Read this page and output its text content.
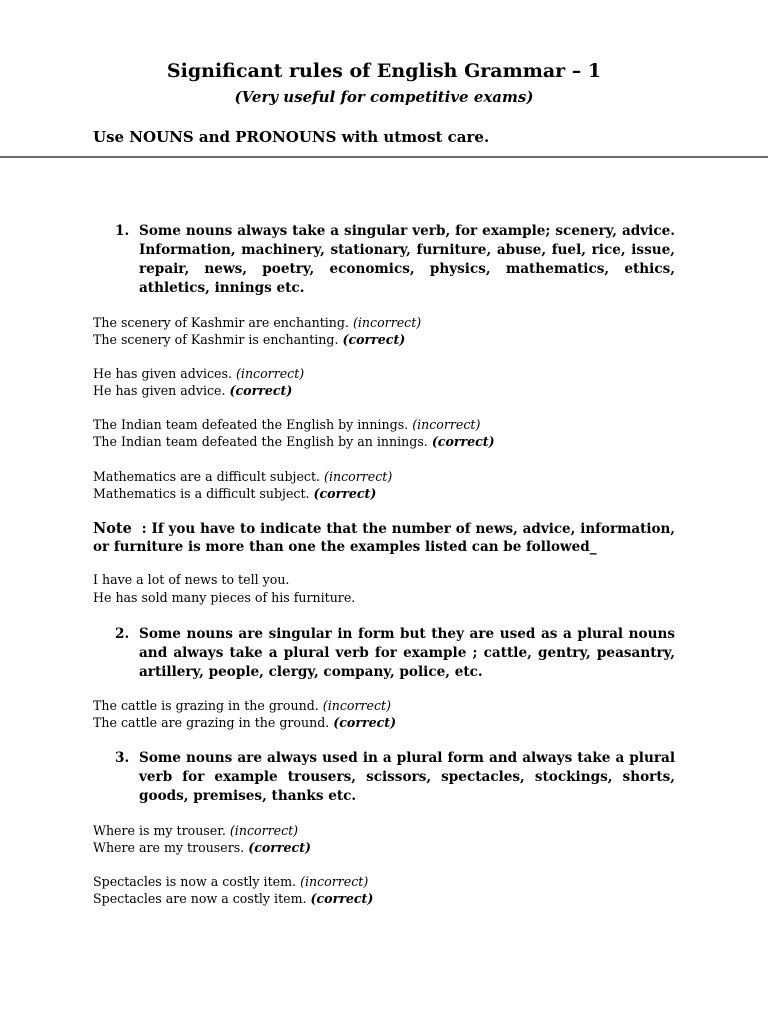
Significant rules of English Grammar – 1
(Very useful for competitive exams)
Use NOUNS and PRONOUNS with utmost care.
1. Some nouns always take a singular verb, for example; scenery, advice. Information, machinery, stationary, furniture, abuse, fuel, rice, issue, repair, news, poetry, economics, physics, mathematics, ethics, athletics, innings etc.
The scenery of Kashmir are enchanting. (incorrect)
The scenery of Kashmir is enchanting. (correct)
He has given advices. (incorrect)
He has given advice. (correct)
The Indian team defeated the English by innings. (incorrect)
The Indian team defeated the English by an innings. (correct)
Mathematics are a difficult subject. (incorrect)
Mathematics is a difficult subject. (correct)
Note : If you have to indicate that the number of news, advice, information, or furniture is more than one the examples listed can be followed_
I have a lot of news to tell you.
He has sold many pieces of his furniture.
2. Some nouns are singular in form but they are used as a plural nouns and always take a plural verb for example ; cattle, gentry, peasantry, artillery, people, clergy, company, police, etc.
The cattle is grazing in the ground. (incorrect)
The cattle are grazing in the ground. (correct)
3. Some nouns are always used in a plural form and always take a plural verb for example trousers, scissors, spectacles, stockings, shorts, goods, premises, thanks etc.
Where is my trouser. (incorrect)
Where are my trousers. (correct)
Spectacles is now a costly item. (incorrect)
Spectacles are now a costly item. (correct)
